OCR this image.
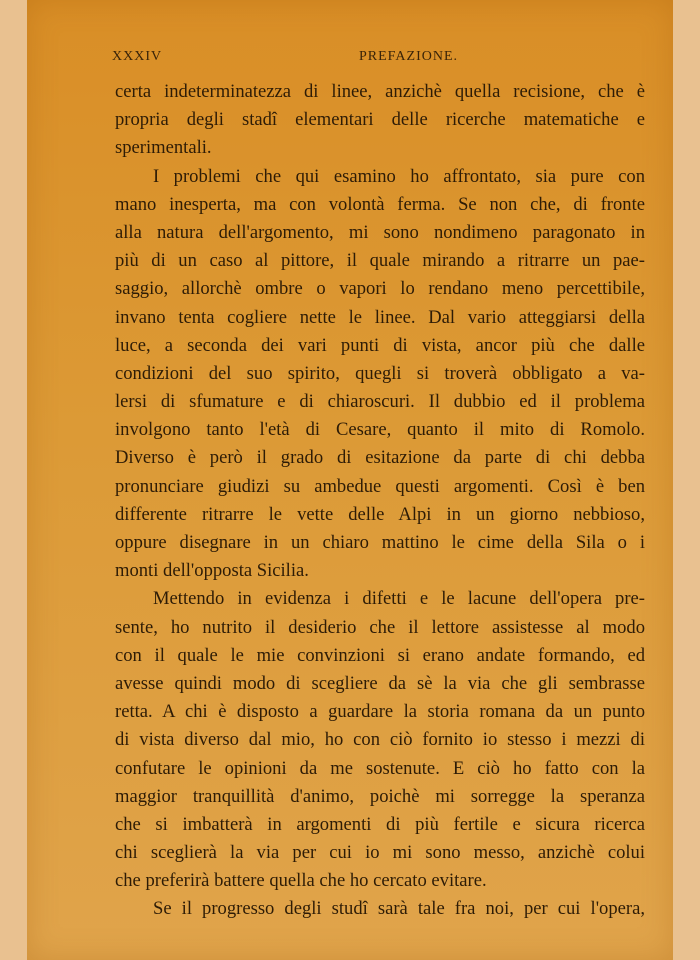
XXXIV	PREFAZIONE.
certa indeterminatezza di linee, anzichè quella recisione, che è
propria degli stadî elementari delle ricerche matematiche e
sperimentali.
I problemi che qui esamino ho affrontato, sia pure con
mano inesperta, ma con volontà ferma. Se non che, di fronte
alla natura dell'argomento, mi sono nondimeno paragonato in
più di un caso al pittore, il quale mirando a ritrarre un pae-
saggio, allorchè ombre o vapori lo rendano meno percettibile,
invano tenta cogliere nette le linee. Dal vario atteggiarsi della
luce, a seconda dei vari punti di vista, ancor più che dalle
condizioni del suo spirito, quegli si troverà obbligato a va-
lersi di sfumature e di chiaroscuri. Il dubbio ed il problema
involgono tanto l'età di Cesare, quanto il mito di Romolo.
Diverso è però il grado di esitazione da parte di chi debba
pronunciare giudizi su ambedue questi argomenti. Così è ben
differente ritrarre le vette delle Alpi in un giorno nebbioso,
oppure disegnare in un chiaro mattino le cime della Sila o i
monti dell'opposta Sicilia.
Mettendo in evidenza i difetti e le lacune dell'opera pre-
sente, ho nutrito il desiderio che il lettore assistesse al modo
con il quale le mie convinzioni si erano andate formando, ed
avesse quindi modo di scegliere da sè la via che gli sembrasse
retta. A chi è disposto a guardare la storia romana da un punto
di vista diverso dal mio, ho con ciò fornito io stesso i mezzi di
confutare le opinioni da me sostenute. E ciò ho fatto con la
maggior tranquillità d'animo, poichè mi sorregge la speranza
che si imbatterà in argomenti di più fertile e sicura ricerca
chi sceglierà la via per cui io mi sono messo, anzichè colui
che preferirà battere quella che ho cercato evitare.
Se il progresso degli studî sarà tale fra noi, per cui l'opera,
